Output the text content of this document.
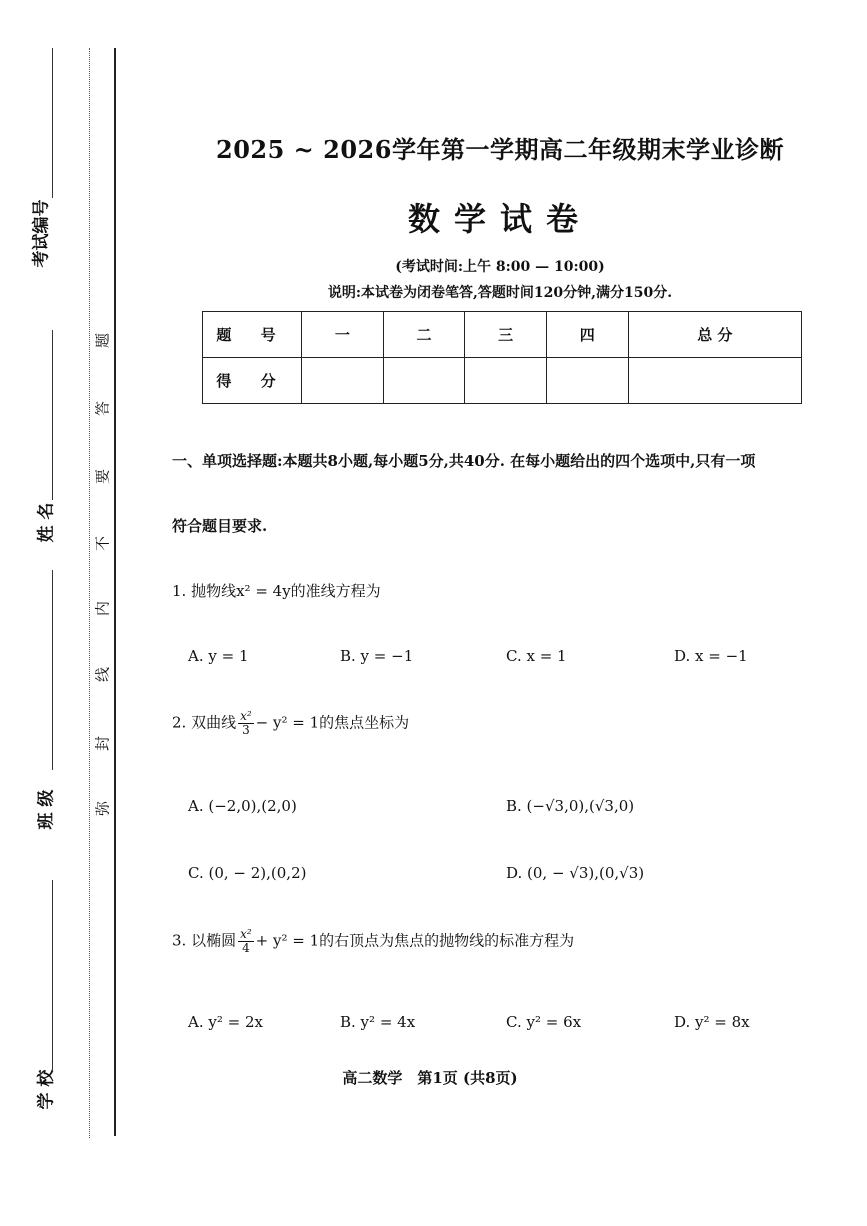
考试编号
姓 名
班 级
学 校
题
答
要
不
内
线
封
弥
2025 ~ 2026学年第一学期高二年级期末学业诊断
数学试卷
(考试时间:上午 8:00 — 10:00)
说明:本试卷为闭卷笔答,答题时间120分钟,满分150分.
题 号	一	二	三	四	总 分
得 分					
一、单项选择题:本题共8小题,每小题5分,共40分. 在每小题给出的四个选项中,只有一项
符合题目要求.
1. 抛物线x² = 4y的准线方程为
A. y = 1	B. y = −1	C. x = 1	D. x = −1
2. 双曲线 $\frac{\text{x²}}{3} - y^2 = 1$的焦点坐标为
A. (−2,0),(2,0)	B. (−√3,0),(√3,0)
C. (0, − 2),(0,2)	D. (0, − √3),(0,√3)
3. 以椭圆 $\frac{\text{x²}}{4} + y^2 = 1$的右顶点为焦点的抛物线的标准方程为
A. y² = 2x	B. y² = 4x	C. y² = 6x	D. y² = 8x
高二数学　第1页 (共8页)
